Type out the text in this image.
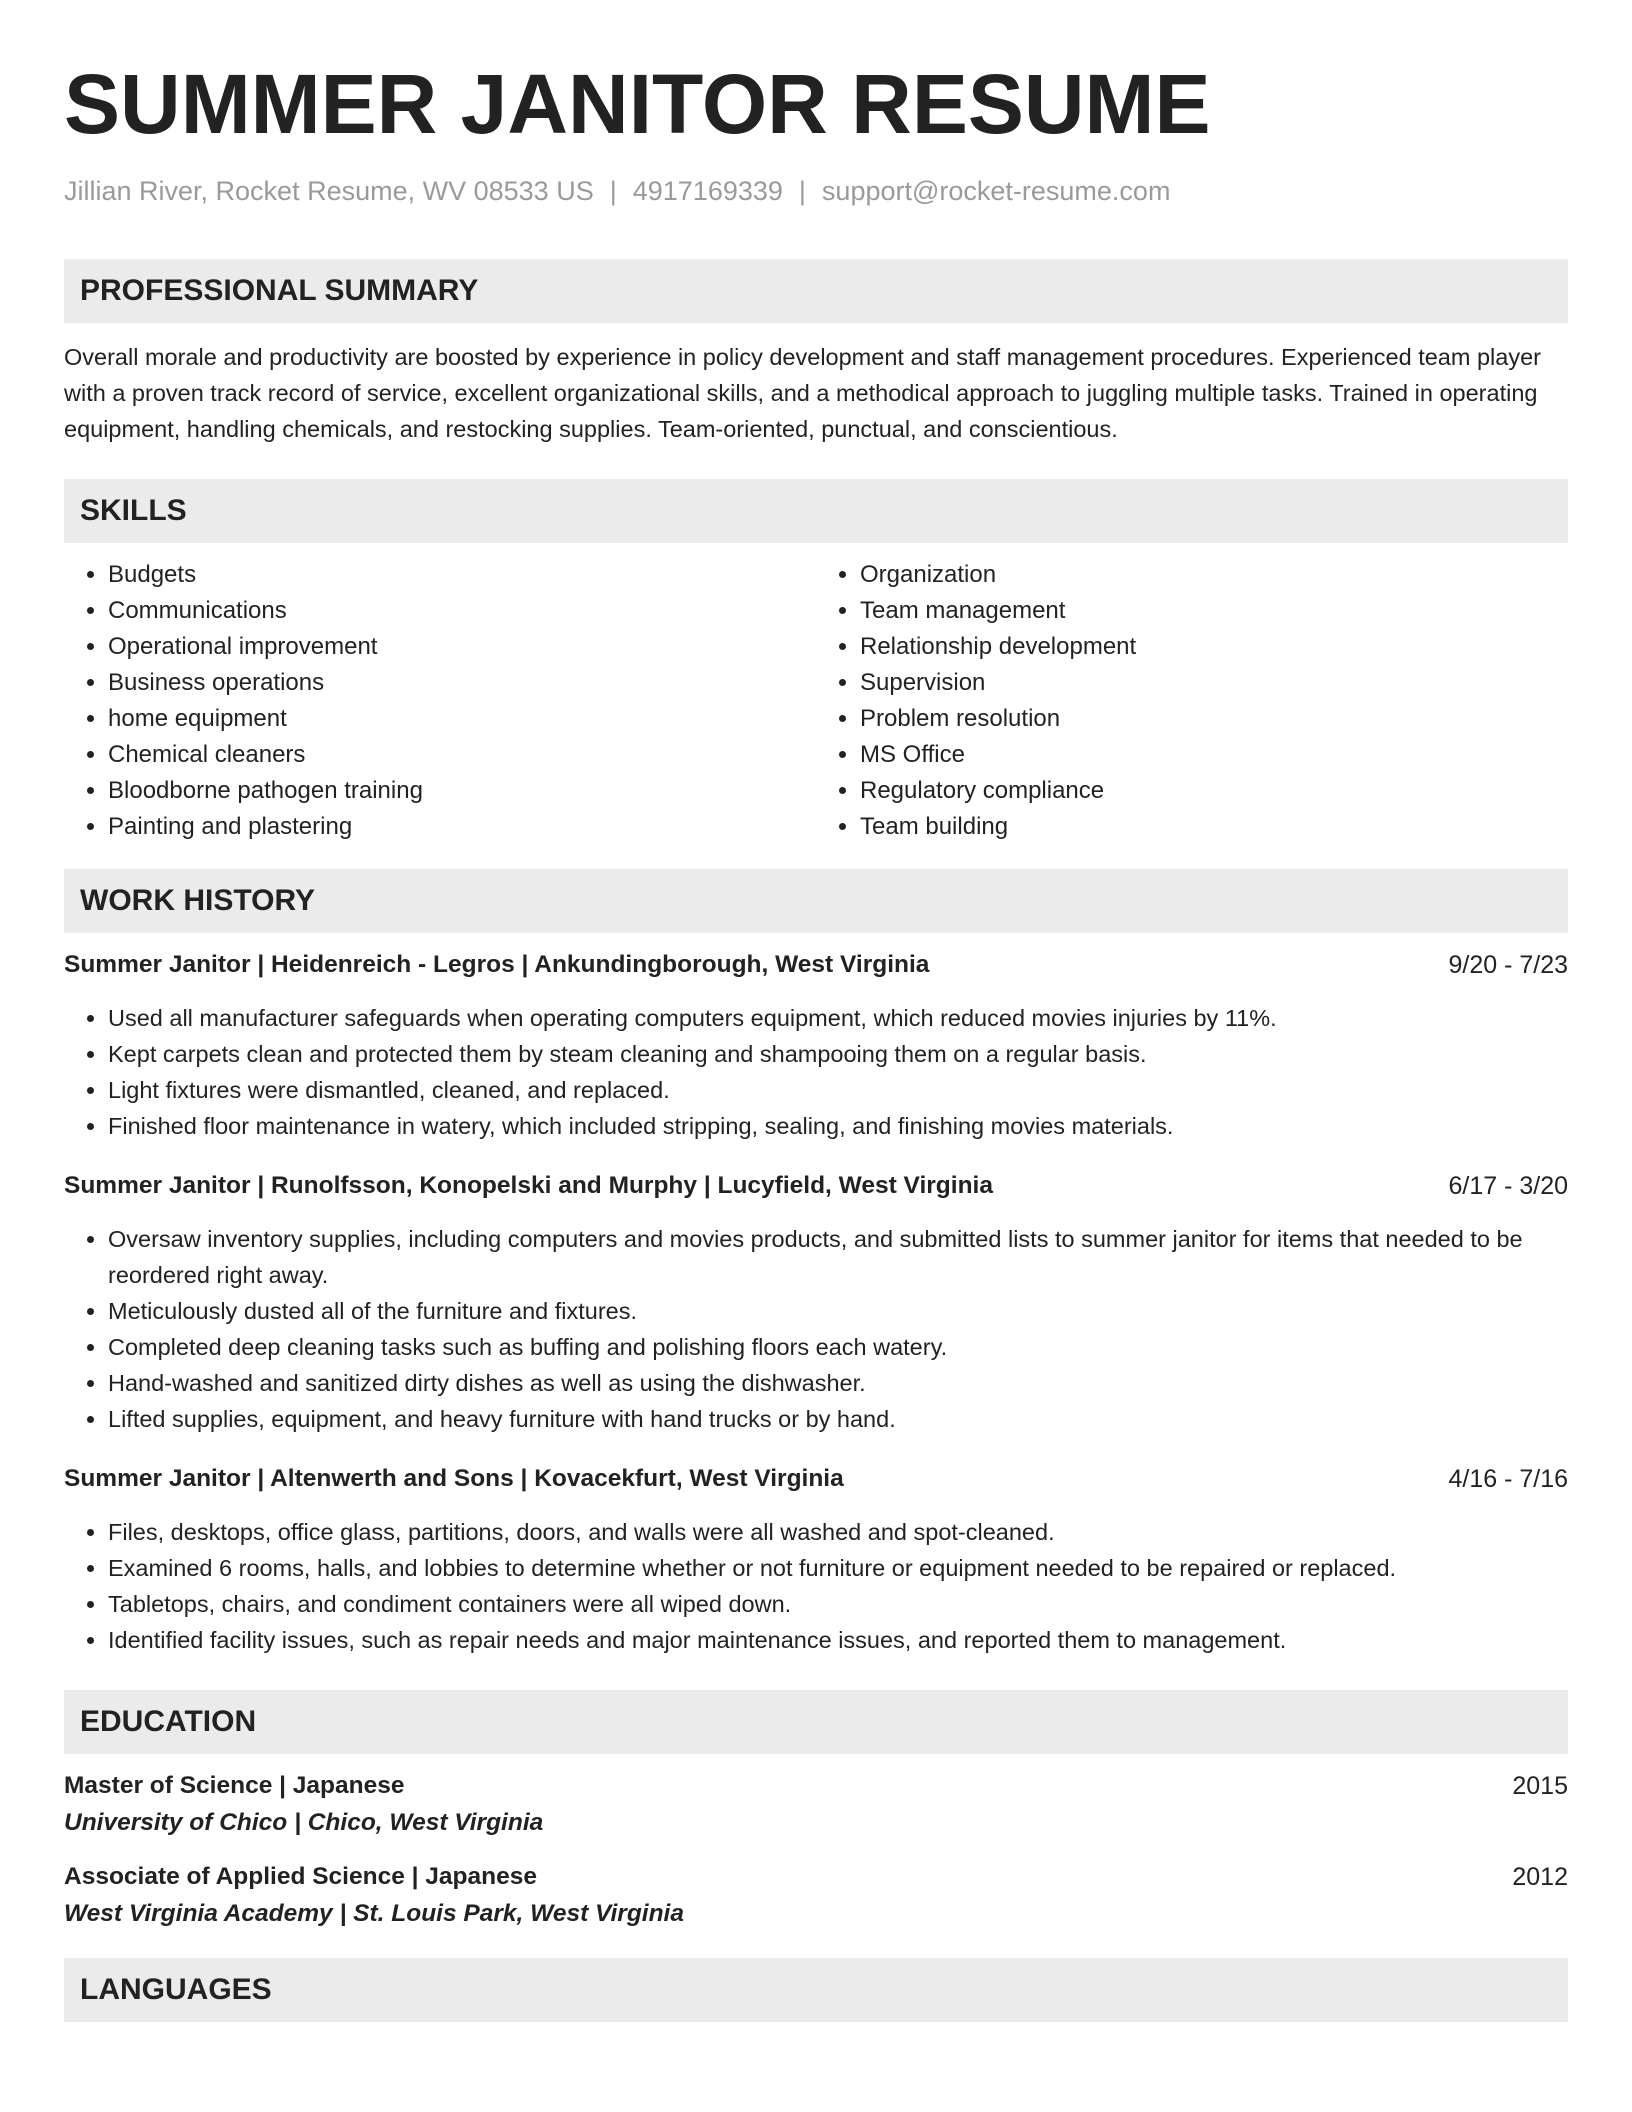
SUMMER JANITOR RESUME
Jillian River, Rocket Resume, WV 08533 US | 4917169339 | support@rocket-resume.com
PROFESSIONAL SUMMARY
Overall morale and productivity are boosted by experience in policy development and staff management procedures. Experienced team player with a proven track record of service, excellent organizational skills, and a methodical approach to juggling multiple tasks. Trained in operating equipment, handling chemicals, and restocking supplies. Team-oriented, punctual, and conscientious.
SKILLS
• Budgets
• Communications
• Operational improvement
• Business operations
• home equipment
• Chemical cleaners
• Bloodborne pathogen training
• Painting and plastering
• Organization
• Team management
• Relationship development
• Supervision
• Problem resolution
• MS Office
• Regulatory compliance
• Team building
WORK HISTORY
Summer Janitor | Heidenreich - Legros | Ankundingborough, West Virginia	9/20 - 7/23
• Used all manufacturer safeguards when operating computers equipment, which reduced movies injuries by 11%.
• Kept carpets clean and protected them by steam cleaning and shampooing them on a regular basis.
• Light fixtures were dismantled, cleaned, and replaced.
• Finished floor maintenance in watery, which included stripping, sealing, and finishing movies materials.
Summer Janitor | Runolfsson, Konopelski and Murphy | Lucyfield, West Virginia	6/17 - 3/20
• Oversaw inventory supplies, including computers and movies products, and submitted lists to summer janitor for items that needed to be reordered right away.
• Meticulously dusted all of the furniture and fixtures.
• Completed deep cleaning tasks such as buffing and polishing floors each watery.
• Hand-washed and sanitized dirty dishes as well as using the dishwasher.
• Lifted supplies, equipment, and heavy furniture with hand trucks or by hand.
Summer Janitor | Altenwerth and Sons | Kovacekfurt, West Virginia	4/16 - 7/16
• Files, desktops, office glass, partitions, doors, and walls were all washed and spot-cleaned.
• Examined 6 rooms, halls, and lobbies to determine whether or not furniture or equipment needed to be repaired or replaced.
• Tabletops, chairs, and condiment containers were all wiped down.
• Identified facility issues, such as repair needs and major maintenance issues, and reported them to management.
EDUCATION
Master of Science | Japanese	2015
University of Chico | Chico, West Virginia
Associate of Applied Science | Japanese	2012
West Virginia Academy | St. Louis Park, West Virginia
LANGUAGES
